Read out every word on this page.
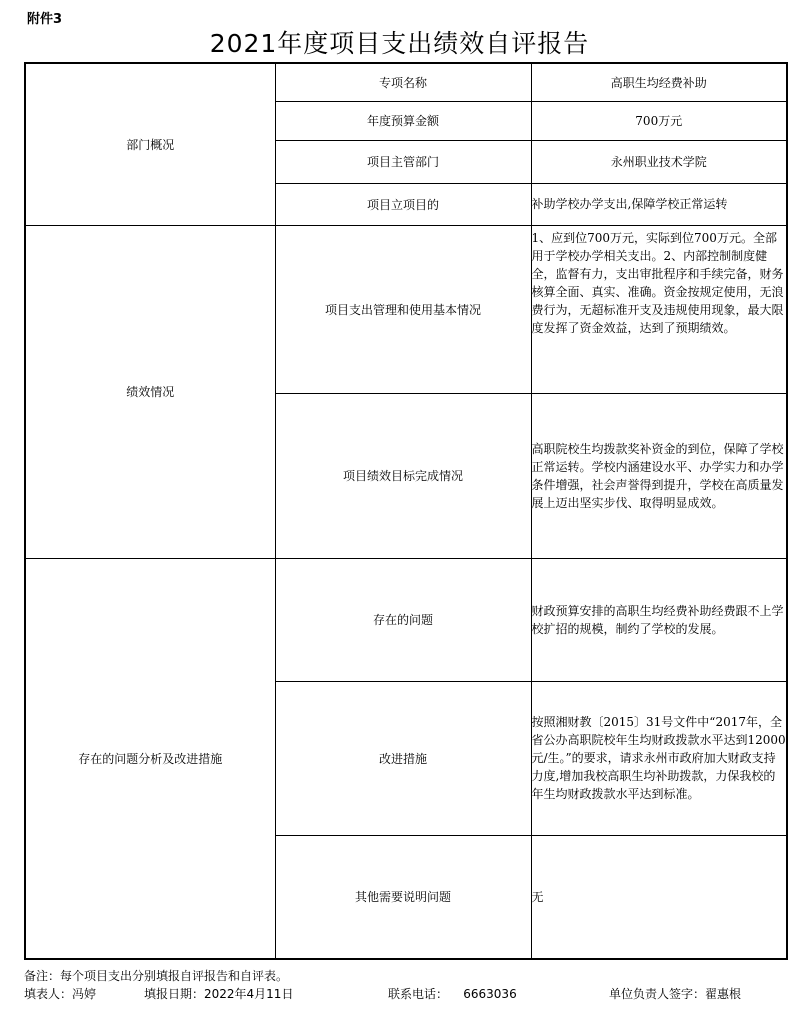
附件3
2021年度项目支出绩效自评报告
部门概况	专项名称	高职生均经费补助
	年度预算金额	700万元
	项目主管部门	永州职业技术学院
	项目立项目的	补助学校办学支出,保障学校正常运转
绩效情况	项目支出管理和使用基本情况	1、应到位700万元，实际到位700万元。全部用于学校办学相关支出。2、内部控制制度健全，监督有力，支出审批程序和手续完备，财务核算全面、真实、准确。资金按规定使用，无浪费行为，无超标准开支及违规使用现象，最大限度发挥了资金效益，达到了预期绩效。
	项目绩效目标完成情况	高职院校生均拨款奖补资金的到位，保障了学校正常运转。学校内涵建设水平、办学实力和办学条件增强，社会声誉得到提升，学校在高质量发展上迈出坚实步伐、取得明显成效。
存在的问题分析及改进措施	存在的问题	财政预算安排的高职生均经费补助经费跟不上学校扩招的规模，制约了学校的发展。
	改进措施	按照湘财教〔2015〕31号文件中“2017年，全省公办高职院校年生均财政拨款水平达到12000元/生。”的要求，请求永州市政府加大财政支持力度,增加我校高职生均补助拨款，力保我校的年生均财政拨款水平达到标准。
	其他需要说明问题	无
备注：每个项目支出分别填报自评报告和自评表。
填表人：冯婷	填报日期：2022年4月11日	联系电话：    6663036	单位负责人签字：翟惠根
